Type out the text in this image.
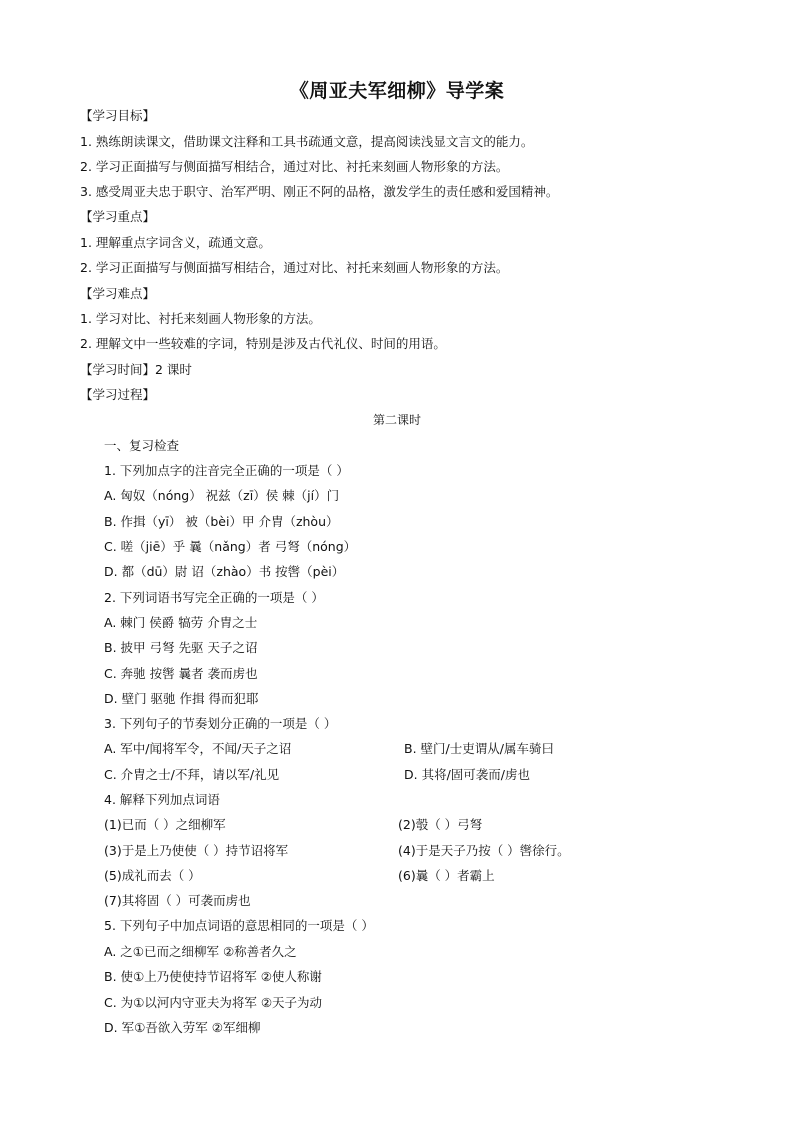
《周亚夫军细柳》导学案
【学习目标】
1. 熟练朗读课文，借助课文注释和工具书疏通文意，提高阅读浅显文言文的能力。
2. 学习正面描写与侧面描写相结合，通过对比、衬托来刻画人物形象的方法。
3. 感受周亚夫忠于职守、治军严明、刚正不阿的品格，激发学生的责任感和爱国精神。
【学习重点】
1. 理解重点字词含义，疏通文意。
2. 学习正面描写与侧面描写相结合，通过对比、衬托来刻画人物形象的方法。
【学习难点】
1. 学习对比、衬托来刻画人物形象的方法。
2. 理解文中一些较难的字词，特别是涉及古代礼仪、时间的用语。
【学习时间】2 课时
【学习过程】
第二课时
一、复习检查
1. 下列加点字的注音完全正确的一项是（ ）
A. 匈奴（nóng） 祝兹（zī）侯 棘（jí）门
B. 作揖（yī） 被（bèi）甲 介胄（zhòu）
C. 嗟（jiē）乎 曩（nǎng）者 弓弩（nóng）
D. 都（dū）尉 诏（zhào）书 按辔（pèi）
2. 下列词语书写完全正确的一项是（ ）
A. 棘门 侯爵 犒劳 介胄之士
B. 披甲 弓弩 先驱 天子之诏
C. 奔驰 按辔 曩者 袭而虏也
D. 壁门 驱驰 作揖 得而犯耶
3. 下列句子的节奏划分正确的一项是（ ）
A. 军中/闻将军令，不闻/天子之诏	B. 壁门/士吏谓从/属车骑曰
C. 介胄之士/不拜，请以军/礼见	D. 其将/固可袭而/虏也
4. 解释下列加点词语
(1)已而（ ）之细柳军	(2)彀（ ）弓弩
(3)于是上乃使使（ ）持节诏将军	(4)于是天子乃按（ ）辔徐行。
(5)成礼而去（ ）	(6)曩（ ）者霸上
(7)其将固（ ）可袭而虏也
5. 下列句子中加点词语的意思相同的一项是（ ）
A. 之①已而之细柳军 ②称善者久之
B. 使①上乃使使持节诏将军 ②使人称谢
C. 为①以河内守亚夫为将军 ②天子为动
D. 军①吾欲入劳军 ②军细柳
